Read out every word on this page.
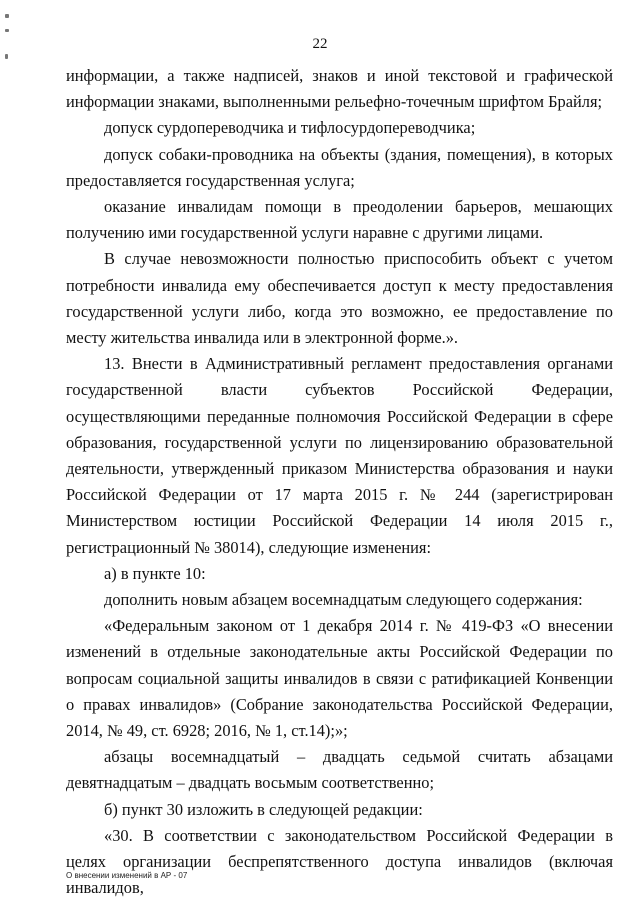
22

информации, а также надписей, знаков и иной текстовой и графической информации знаками, выполненными рельефно-точечным шрифтом Брайля;

допуск сурдопереводчика и тифлосурдопереводчика;

допуск собаки-проводника на объекты (здания, помещения), в которых предоставляется государственная услуга;

оказание инвалидам помощи в преодолении барьеров, мешающих получению ими государственной услуги наравне с другими лицами.

В случае невозможности полностью приспособить объект с учетом потребности инвалида ему обеспечивается доступ к месту предоставления государственной услуги либо, когда это возможно, ее предоставление по месту жительства инвалида или в электронной форме.».

13. Внести в Административный регламент предоставления органами государственной власти субъектов Российской Федерации, осуществляющими переданные полномочия Российской Федерации в сфере образования, государственной услуги по лицензированию образовательной деятельности, утвержденный приказом Министерства образования и науки Российской Федерации от 17 марта 2015 г. № 244 (зарегистрирован Министерством юстиции Российской Федерации 14 июля 2015 г., регистрационный № 38014), следующие изменения:

а) в пункте 10:

дополнить новым абзацем восемнадцатым следующего содержания:

«Федеральным законом от 1 декабря 2014 г. № 419-ФЗ «О внесении изменений в отдельные законодательные акты Российской Федерации по вопросам социальной защиты инвалидов в связи с ратификацией Конвенции о правах инвалидов» (Собрание законодательства Российской Федерации, 2014, № 49, ст. 6928; 2016, № 1, ст.14);»;

абзацы восемнадцатый – двадцать седьмой считать абзацами девятнадцатым – двадцать восьмым соответственно;

б) пункт 30 изложить в следующей редакции:

«30. В соответствии с законодательством Российской Федерации в целях организации беспрепятственного доступа инвалидов (включая инвалидов,

О внесении изменений в АР - 07
